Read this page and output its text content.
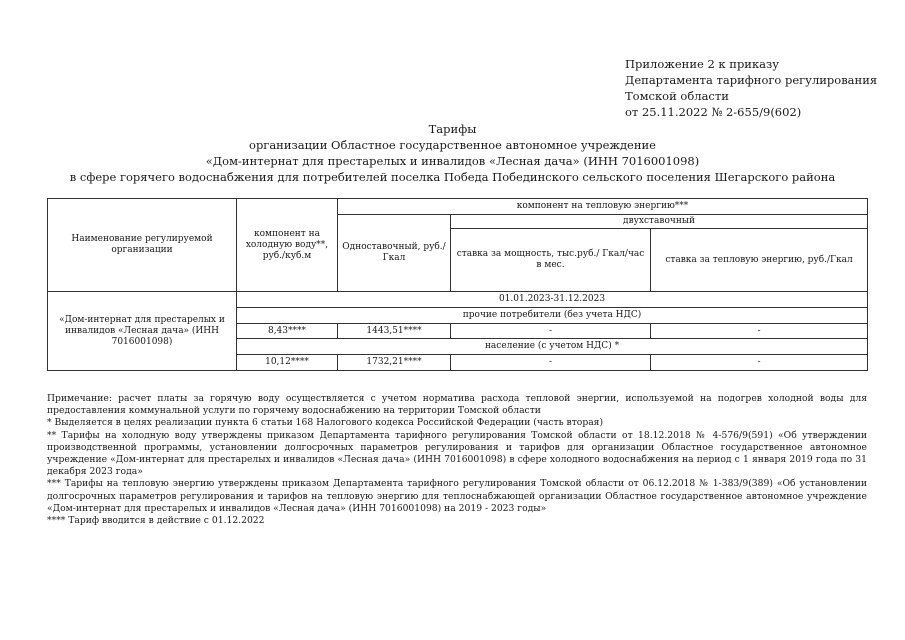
Приложение 2 к приказу
Департамента тарифного регулирования
Томской области
от 25.11.2022 № 2-655/9(602)
Тарифы
организации Областное государственное автономное учреждение
«Дом-интернат для престарелых и инвалидов «Лесная дача» (ИНН 7016001098)
в сфере горячего водоснабжения для потребителей поселка Победа Побединского сельского поселения Шегарского района
Наименование регулируемой организации	компонент на холодную воду**, руб./куб.м	компонент на тепловую энергию***		
		Одноставочный, руб./Гкал	двухставочный	
			ставка за мощность, тыс.руб./ Гкал/час в мес.	ставка за тепловую энергию, руб./Гкал
«Дом-интернат для престарелых и инвалидов «Лесная дача» (ИНН 7016001098)	01.01.2023-31.12.2023			
	прочие потребители (без учета НДС)			
	8,43****	1443,51****	-	-
	население (с учетом НДС) *			
	10,12****	1732,21****	-	-

Примечание: расчет платы за горячую воду осуществляется с учетом норматива расхода тепловой энергии, используемой на подогрев холодной воды для предоставления коммунальной услуги по горячему водоснабжению на территории Томской области

* Выделяется в целях реализации пункта 6 статьи 168 Налогового кодекса Российской Федерации (часть вторая)

** Тарифы на холодную воду утверждены приказом Департамента тарифного регулирования Томской области от 18.12.2018 № 4-576/9(591) «Об утверждении производственной программы, установлении долгосрочных параметров регулирования и тарифов для организации Областное государственное автономное учреждение «Дом-интернат для престарелых и инвалидов «Лесная дача» (ИНН 7016001098) в сфере холодного водоснабжения на период с 1 января 2019 года по 31 декабря 2023 года»

*** Тарифы на тепловую энергию утверждены приказом Департамента тарифного регулирования Томской области от 06.12.2018 № 1-383/9(389) «Об установлении долгосрочных параметров регулирования и тарифов на тепловую энергию для теплоснабжающей организации Областное государственное автономное учреждение «Дом-интернат для престарелых и инвалидов «Лесная дача» (ИНН 7016001098) на 2019 - 2023 годы»

**** Тариф вводится в действие с 01.12.2022
